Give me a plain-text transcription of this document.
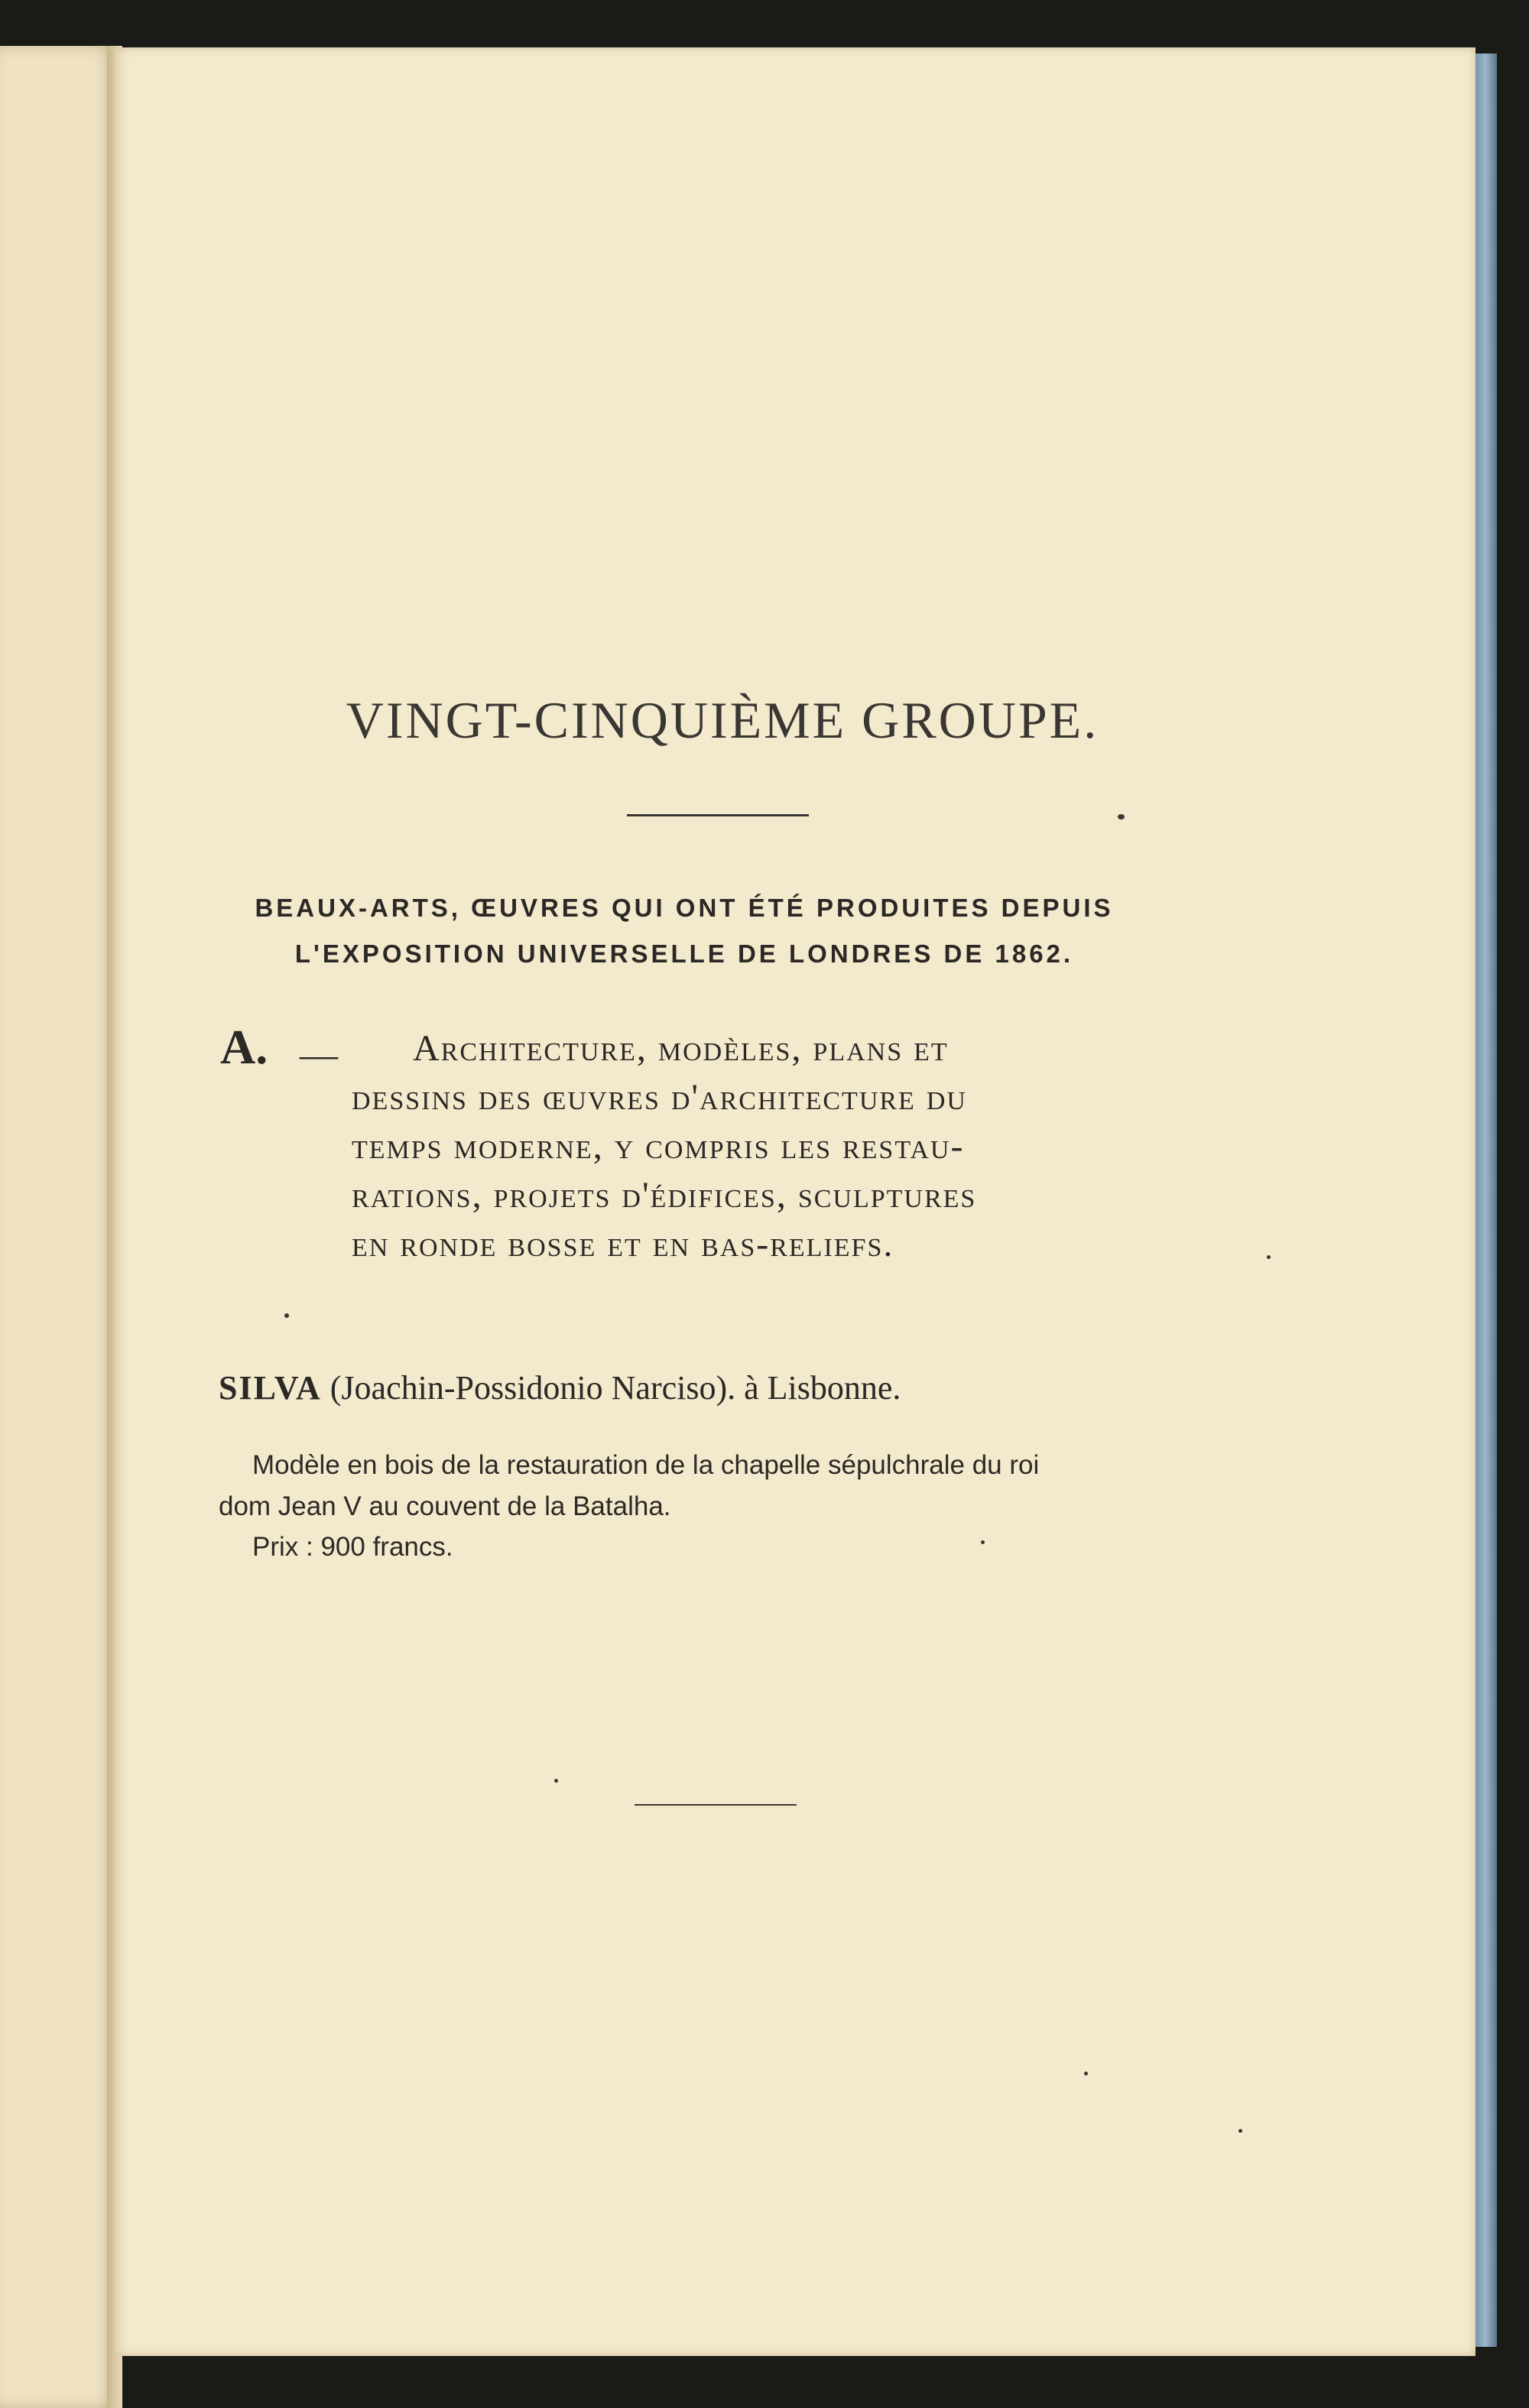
VINGT-CINQUIÈME GROUPE.
BEAUX-ARTS, ŒUVRES QUI ONT ÉTÉ PRODUITES DEPUIS
L'EXPOSITION UNIVERSELLE DE LONDRES DE 1862.
A. —	Architecture, modèles, plans et
dessins des œuvres d'architecture du
temps moderne, y compris les restau-
rations, projets d'édifices, sculptures
en ronde bosse et en bas-reliefs.
SILVA (Joachin-Possidonio Narciso). à Lisbonne.
Modèle en bois de la restauration de la chapelle sépulchrale du roi
dom Jean V au couvent de la Batalha.
Prix : 900 francs.
